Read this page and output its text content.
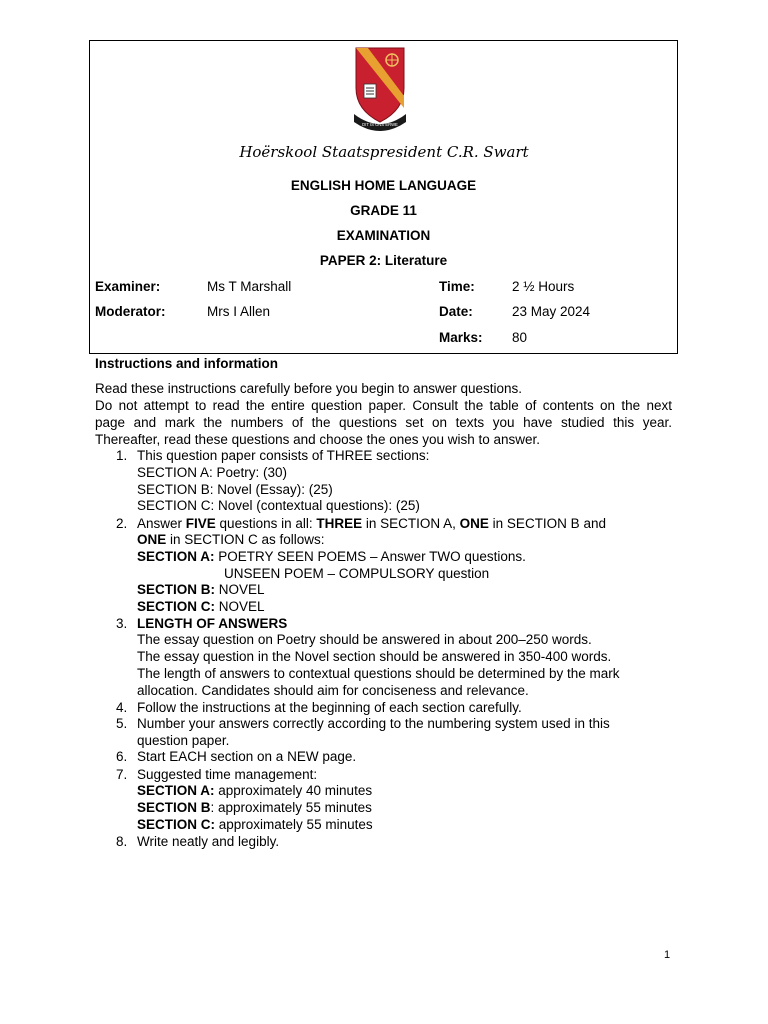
DIT IS ONS ERWE
Hoërskool Staatspresident C.R. Swart
ENGLISH HOME LANGUAGE
GRADE 11
EXAMINATION
PAPER 2: Literature
Examiner:	Ms T Marshall	Time:	2 ½ Hours
Moderator:	Mrs I Allen	Date:	23 May 2024
Marks: 80
Instructions and information
Read these instructions carefully before you begin to answer questions.
Do not attempt to read the entire question paper. Consult the table of contents on the next
page and mark the numbers of the questions set on texts you have studied this year.
Thereafter, read these questions and choose the ones you wish to answer.
1. This question paper consists of THREE sections:
SECTION A: Poetry: (30)
SECTION B: Novel (Essay): (25)
SECTION C: Novel (contextual questions): (25)
2. Answer FIVE questions in all: THREE in SECTION A, ONE in SECTION B and
ONE in SECTION C as follows:
SECTION A: POETRY SEEN POEMS – Answer TWO questions.
UNSEEN POEM – COMPULSORY question
SECTION B: NOVEL
SECTION C: NOVEL
3. LENGTH OF ANSWERS
The essay question on Poetry should be answered in about 200–250 words.
The essay question in the Novel section should be answered in 350-400 words.
The length of answers to contextual questions should be determined by the mark
allocation. Candidates should aim for conciseness and relevance.
4. Follow the instructions at the beginning of each section carefully.
5. Number your answers correctly according to the numbering system used in this
question paper.
6. Start EACH section on a NEW page.
7. Suggested time management:
SECTION A: approximately 40 minutes
SECTION B: approximately 55 minutes
SECTION C: approximately 55 minutes
8. Write neatly and legibly.
1
